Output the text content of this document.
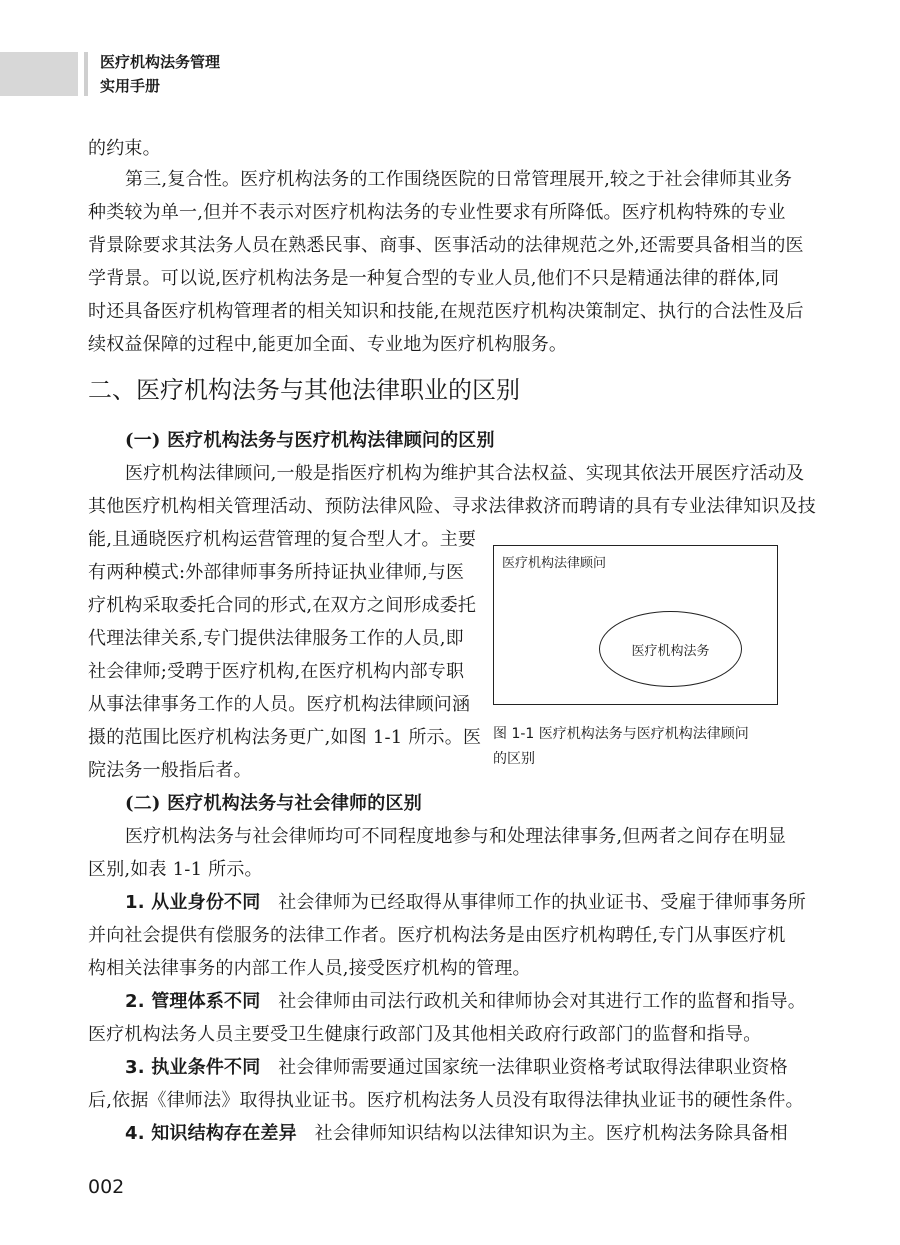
医疗机构法务管理
实用手册
的约束。
第三,复合性。医疗机构法务的工作围绕医院的日常管理展开,较之于社会律师其业务
种类较为单一,但并不表示对医疗机构法务的专业性要求有所降低。医疗机构特殊的专业
背景除要求其法务人员在熟悉民事、商事、医事活动的法律规范之外,还需要具备相当的医
学背景。可以说,医疗机构法务是一种复合型的专业人员,他们不只是精通法律的群体,同
时还具备医疗机构管理者的相关知识和技能,在规范医疗机构决策制定、执行的合法性及后
续权益保障的过程中,能更加全面、专业地为医疗机构服务。
二、医疗机构法务与其他法律职业的区别
(一) 医疗机构法务与医疗机构法律顾问的区别
医疗机构法律顾问,一般是指医疗机构为维护其合法权益、实现其依法开展医疗活动及
其他医疗机构相关管理活动、预防法律风险、寻求法律救济而聘请的具有专业法律知识及技
能,且通晓医疗机构运营管理的复合型人才。主要
有两种模式:外部律师事务所持证执业律师,与医
疗机构采取委托合同的形式,在双方之间形成委托
代理法律关系,专门提供法律服务工作的人员,即
社会律师;受聘于医疗机构,在医疗机构内部专职
从事法律事务工作的人员。医疗机构法律顾问涵
摄的范围比医疗机构法务更广,如图 1-1 所示。医
院法务一般指后者。
医疗机构法律顾问
医疗机构法务
图 1-1 医疗机构法务与医疗机构法律顾问
的区别
(二) 医疗机构法务与社会律师的区别
医疗机构法务与社会律师均可不同程度地参与和处理法律事务,但两者之间存在明显
区别,如表 1-1 所示。
1. 从业身份不同 社会律师为已经取得从事律师工作的执业证书、受雇于律师事务所
并向社会提供有偿服务的法律工作者。医疗机构法务是由医疗机构聘任,专门从事医疗机
构相关法律事务的内部工作人员,接受医疗机构的管理。
2. 管理体系不同 社会律师由司法行政机关和律师协会对其进行工作的监督和指导。
医疗机构法务人员主要受卫生健康行政部门及其他相关政府行政部门的监督和指导。
3. 执业条件不同 社会律师需要通过国家统一法律职业资格考试取得法律职业资格
后,依据《律师法》取得执业证书。医疗机构法务人员没有取得法律执业证书的硬性条件。
4. 知识结构存在差异 社会律师知识结构以法律知识为主。医疗机构法务除具备相
002
